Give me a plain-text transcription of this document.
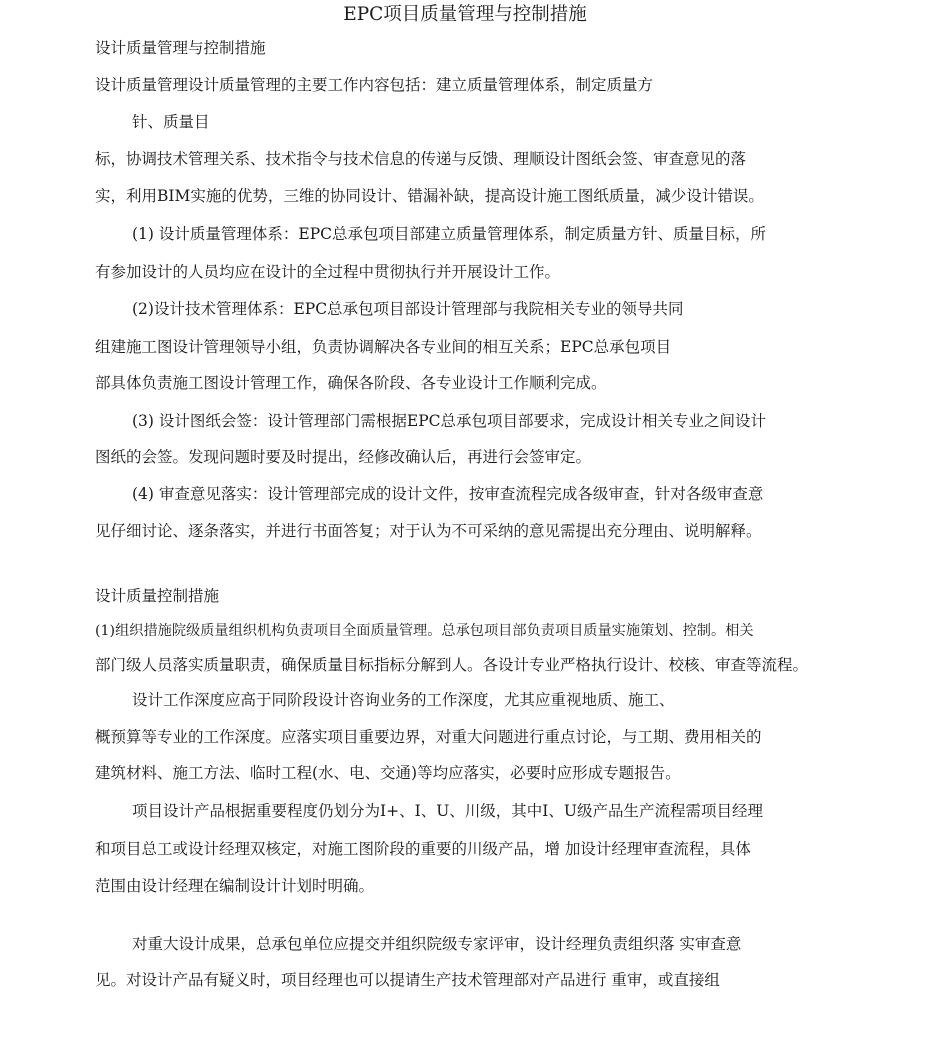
EPC项目质量管理与控制措施
设计质量管理与控制措施
设计质量管理设计质量管理的主要工作内容包括：建立质量管理体系，制定质量方
针、质量目
标，协调技术管理关系、技术指令与技术信息的传递与反馈、理顺设计图纸会签、审查意见的落
实，利用BIM实施的优势，三维的协同设计、错漏补缺，提高设计施工图纸质量，减少设计错误。
(1) 设计质量管理体系：EPC总承包项目部建立质量管理体系，制定质量方针、质量目标，所
有参加设计的人员均应在设计的全过程中贯彻执行并开展设计工作。
(2)设计技术管理体系：EPC总承包项目部设计管理部与我院相关专业的领导共同
组建施工图设计管理领导小组，负责协调解决各专业间的相互关系；EPC总承包项目
部具体负责施工图设计管理工作，确保各阶段、各专业设计工作顺利完成。
(3) 设计图纸会签：设计管理部门需根据EPC总承包项目部要求，完成设计相关专业之间设计
图纸的会签。发现问题时要及时提出，经修改确认后，再进行会签审定。
(4) 审查意见落实：设计管理部完成的设计文件，按审查流程完成各级审查，针对各级审查意
见仔细讨论、逐条落实，并进行书面答复；对于认为不可采纳的意见需提出充分理由、说明解释。
设计质量控制措施
(1)组织措施院级质量组织机构负责项目全面质量管理。总承包项目部负责项目质量实施策划、控制。相关
部门级人员落实质量职责，确保质量目标指标分解到人。各设计专业严格执行设计、校核、审查等流程。
设计工作深度应高于同阶段设计咨询业务的工作深度，尤其应重视地质、施工、
概预算等专业的工作深度。应落实项目重要边界，对重大问题进行重点讨论，与工期、费用相关的
建筑材料、施工方法、临时工程(水、电、交通)等均应落实，必要时应形成专题报告。
项目设计产品根据重要程度仍划分为I+、I、U、川级，其中I、U级产品生产流程需项目经理
和项目总工或设计经理双核定，对施工图阶段的重要的川级产品，增 加设计经理审查流程，具体
范围由设计经理在编制设计计划时明确。
对重大设计成果，总承包单位应提交并组织院级专家评审，设计经理负责组织落 实审查意
见。对设计产品有疑义时，项目经理也可以提请生产技术管理部对产品进行 重审，或直接组
